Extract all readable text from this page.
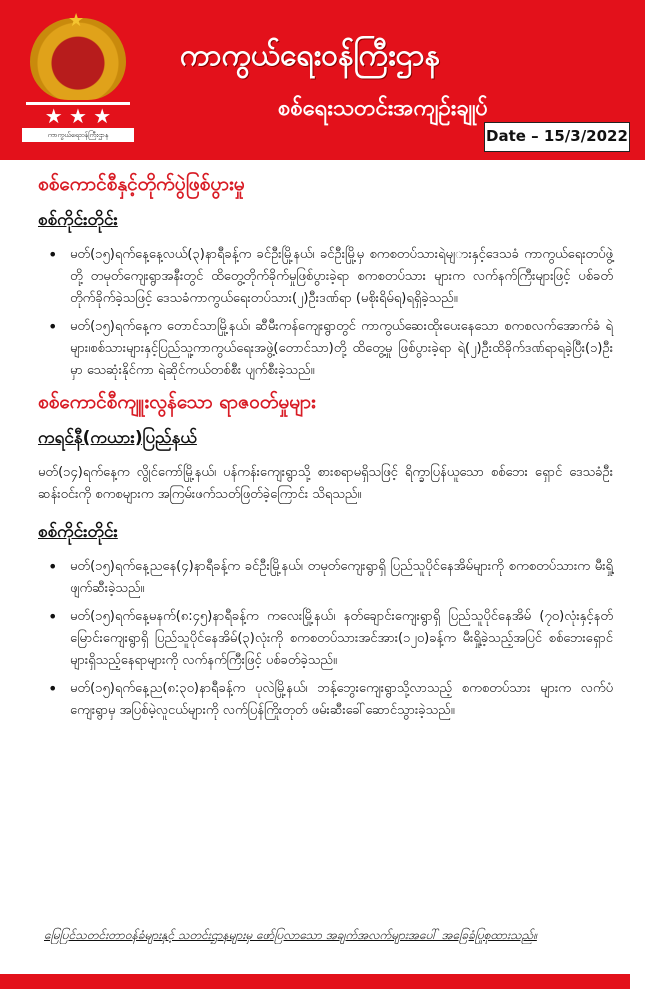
★
★ ★ ★
ကာကွယ်ရေးဝန်ကြီးဌာန
ကာကွယ်ရေးဝန်ကြီးဌာန
စစ်ရေးသတင်းအကျဉ်းချုပ်
Date – 15/3/2022
စစ်ကောင်စီနှင့်တိုက်ပွဲဖြစ်ပွားမှု
စစ်ကိုင်းတိုင်း
• မတ်(၁၅)ရက်နေ့နေ့လယ်(၃)နာရီခန့်က ခင်ဦးမြို့နယ်၊ ခင်ဦးမြို့မှ စကစတပ်သားရဲမျ‌ားနှင့်ဒေသခံ ကာကွယ်ရေးတပ်ဖွဲ့တို့ တမုတ်ကျေးရွာအနီးတွင် ထိတွေ့တိုက်ခိုက်မှုဖြစ်ပွားခဲ့ရာ စကစတပ်သား များက လက်နက်ကြီးများဖြင့် ပစ်ခတ်တိုက်ခိုက်ခဲ့သဖြင့် ဒေသခံကာကွယ်ရေးတပ်သား(၂)ဦးဒဏ်ရာ (မစိုးရိမ်ရ)ရရှိခဲ့သည်။
• မတ်(၁၅)ရက်နေ့က တောင်သာမြို့နယ်၊ ဆီမီးကန်ကျေးရွာတွင် ကာကွယ်ဆေးထိုးပေးနေသော စကစလက်အောက်ခံ ရဲများ၊စစ်သားများနှင့်ပြည်သူ့ကာကွယ်ရေးအဖွဲ့(တောင်သာ)တို့ ထိတွေ့မှု ဖြစ်ပွားခဲ့ရာ ရဲ(၂)ဦးထိခိုက်ဒဏ်ရာရခဲ့ပြီး(၁)ဦးမှာ သေဆုံးနိုင်ကာ ရဲဆိုင်ကယ်တစ်စီး ပျက်စီးခဲ့သည်။
စစ်ကောင်စီကျူးလွန်သော ရာဇဝတ်မှုများ
ကရင်နီ(ကယား)ပြည်နယ်

မတ်(၁၄)ရက်နေ့က လွိုင်ကော်မြို့နယ်၊ ပန်ကန်းကျေးရွာသို့ စားစရာမရှိသဖြင့် ရိက္ခာပြန်ယူသော စစ်ဘေး ရှောင် ဒေသခံဦးဆန်းဝင်းကို စကစများက အကြမ်းဖက်သတ်ဖြတ်ခဲ့ကြောင်း သိရသည်။

စစ်ကိုင်းတိုင်း
• မတ်(၁၅)ရက်နေ့ညနေ(၄)နာရီခန့်က ခင်ဦးမြို့နယ်၊ တမုတ်ကျေးရွာရှိ ပြည်သူပိုင်နေအိမ်များကို စကစတပ်သားက မီးရှို့ဖျက်ဆီးခဲ့သည်။
• မတ်(၁၅)ရက်နေ့မနက်(၈:၄၅)နာရီခန့်က ကလေးမြို့နယ်၊ နတ်ချောင်းကျေးရွာရှိ ပြည်သူပိုင်နေအိမ် (၇၀)လုံးနှင့်နတ်မြောင်းကျေးရွာရှိ ပြည်သူပိုင်နေအိမ်(၃)လုံးကို စကစတပ်သားအင်အား(၁၂၀)ခန့်က မီးရှို့ခဲ့သည့်အပြင် စစ်ဘေးရှောင်များရှိသည့်နေရာများကို လက်နက်ကြီးဖြင့် ပစ်ခတ်ခဲ့သည်။
• မတ်(၁၅)ရက်နေ့ည(၈:၃၀)နာရီခန့်က ပုလဲမြို့နယ်၊ ဘန့်ဘွေးကျေးရွာသို့လာသည့် စကစတပ်သား များက လက်ပံကျေးရွာမှ အပြစ်မဲ့လူငယ်များကို လက်ပြန်ကြိုးတုတ် ဖမ်းဆီးခေါ်ဆောင်သွားခဲ့သည်။
မြေပြင်သတင်းတာဝန်ခံများနှင့် သတင်းဌာနများမှ ဖော်ပြလာသော အချက်အလက်များအပေါ် အခြေခံပြုစုထားသည်။
